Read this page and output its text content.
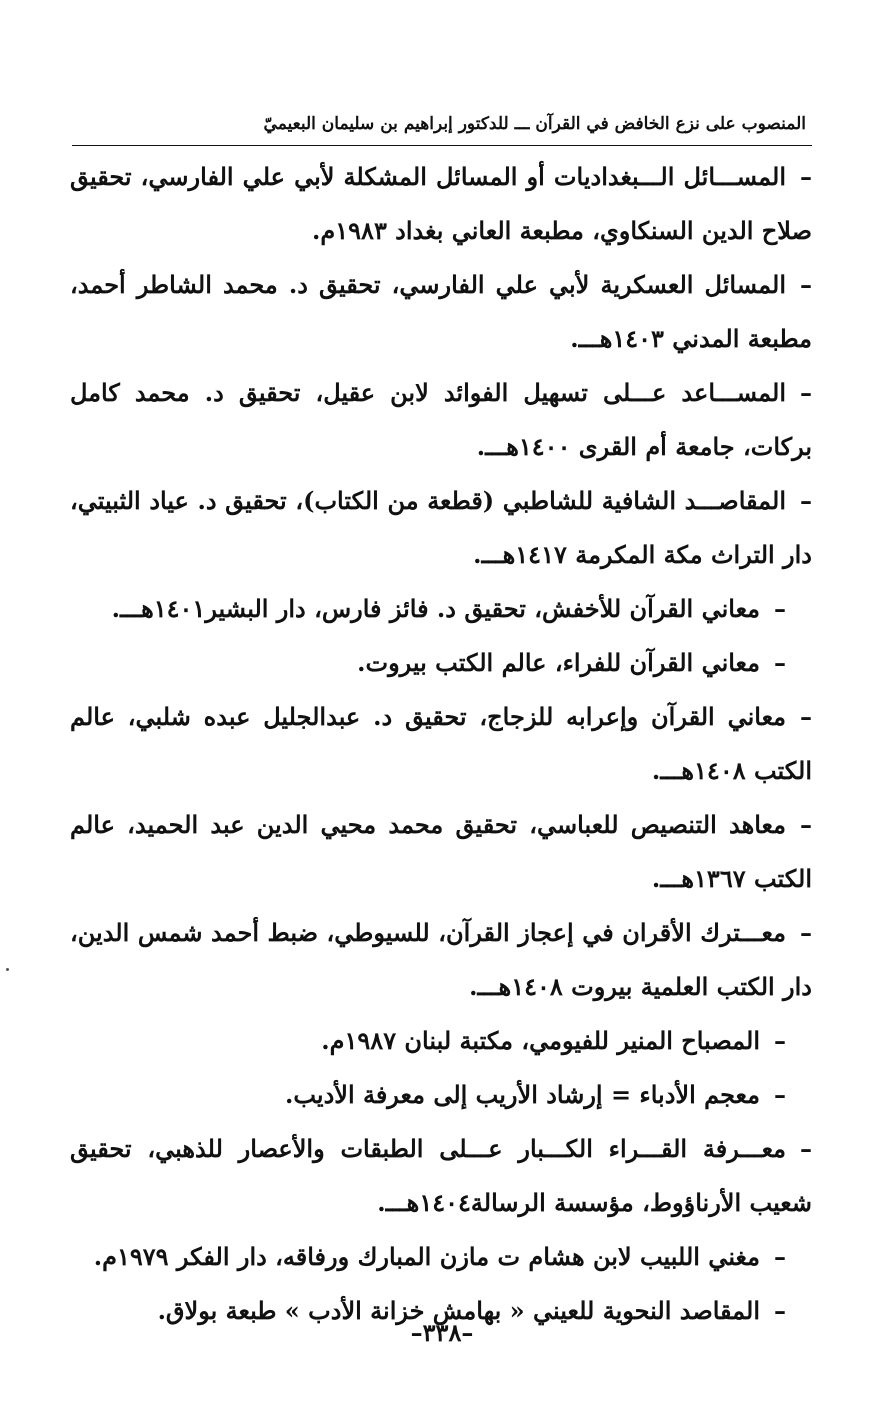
المنصوب على نزع الخافض في القرآن ـــ للدكتور إبراهيم بن سليمان البعيميّ
–المســـائل الـــبغداديات أو المسائل المشكلة لأبي علي الفارسي، تحقيق صلاح الدين السنكاوي، مطبعة العاني بغداد ١٩٨٣م.
–المسائل العسكرية لأبي علي الفارسي، تحقيق د. محمد الشاطر أحمد، مطبعة المدني ١٤٠٣هـــ.
–المســـاعد عـــلى تسهيل الفوائد لابن عقيل، تحقيق د. محمد كامل بركات، جامعة أم القرى ١٤٠٠هـــ.
–المقاصـــد الشافية للشاطبي (قطعة من الكتاب)، تحقيق د. عياد الثبيتي، دار التراث مكة المكرمة ١٤١٧هـــ.
–معاني القرآن للأخفش، تحقيق د. فائز فارس، دار البشير١٤٠١هـــ.
–معاني القرآن للفراء، عالم الكتب بيروت.
–معاني القرآن وإعرابه للزجاج، تحقيق د. عبدالجليل عبده شلبي، عالم الكتب ١٤٠٨هـــ.
–معاهد التنصيص للعباسي، تحقيق محمد محيي الدين عبد الحميد، عالم الكتب ١٣٦٧هـــ.
–معـــترك الأقران في إعجاز القرآن، للسيوطي، ضبط أحمد شمس الدين، دار الكتب العلمية بيروت ١٤٠٨هـــ.
–المصباح المنير للفيومي، مكتبة لبنان ١٩٨٧م.
–معجم الأدباء = إرشاد الأريب إلى معرفة الأديب.
–معـــرفة القـــراء الكـــبار عـــلى الطبقات والأعصار للذهبي، تحقيق شعيب الأرناؤوط، مؤسسة الرسالة١٤٠٤هـــ.
–مغني اللبيب لابن هشام ت مازن المبارك ورفاقه، دار الفكر ١٩٧٩م.
–المقاصد النحوية للعيني « بهامش خزانة الأدب » طبعة بولاق.
–٣٣٨–
